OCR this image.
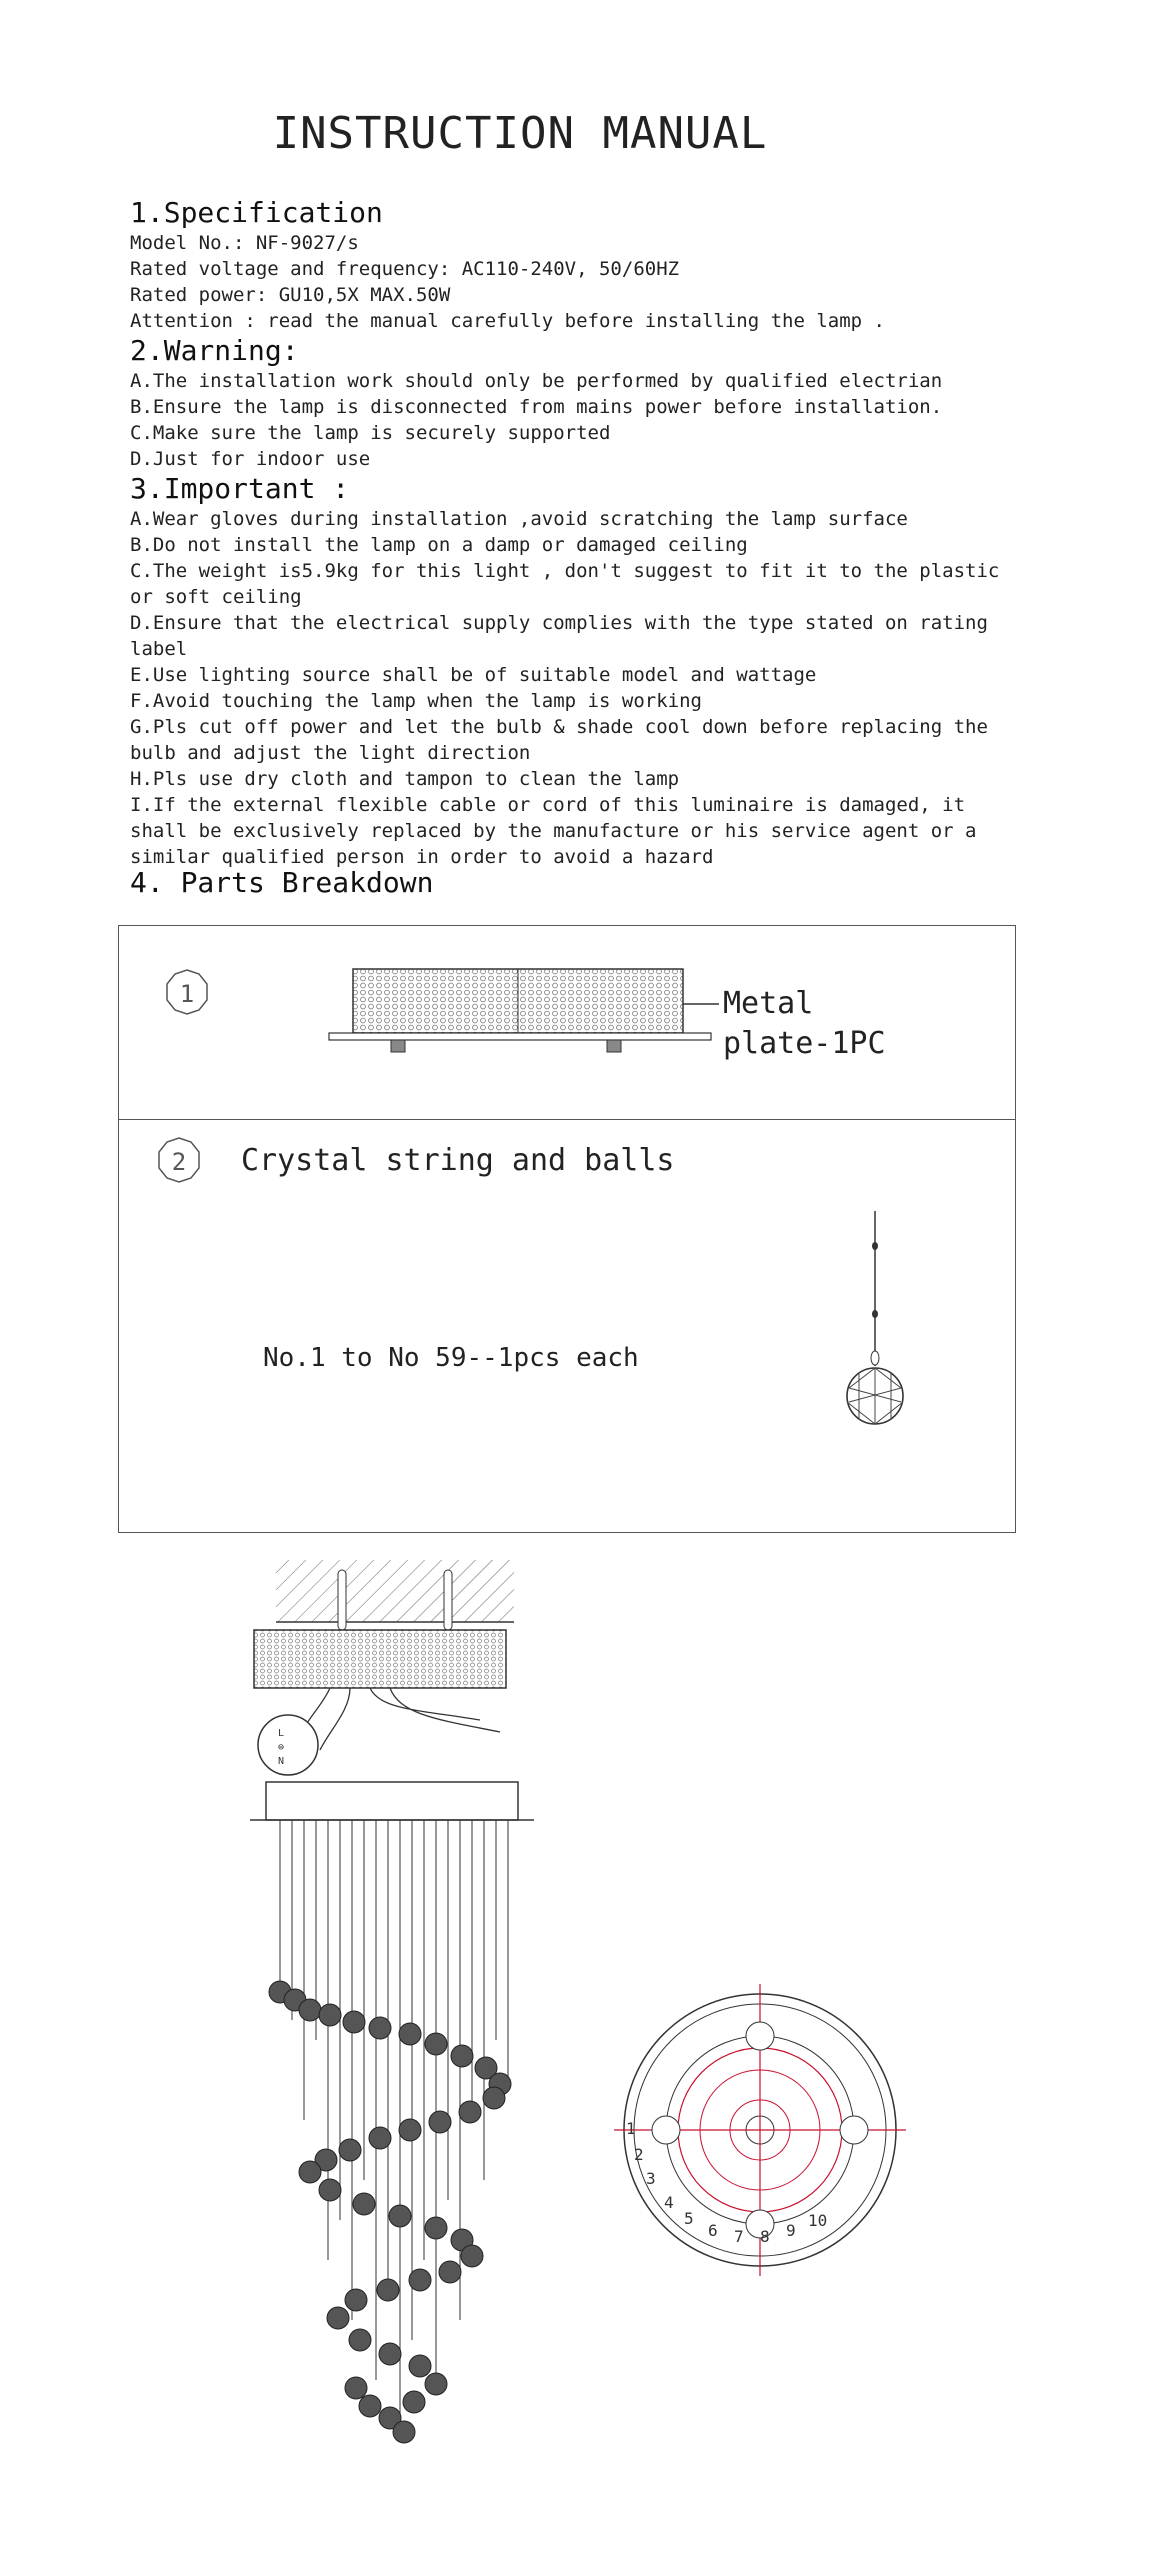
INSTRUCTION MANUAL
1.Specification
Model No.: NF-9027/s
Rated voltage and frequency: AC110-240V, 50/60HZ
Rated power: GU10,5X MAX.50W
Attention : read the manual carefully before installing the lamp .
2.Warning:
A.The installation work should only be performed by qualified electrian
B.Ensure the lamp is disconnected from mains power before installation.
C.Make sure the lamp is securely supported
D.Just for indoor use
3.Important :
A.Wear gloves during installation ,avoid scratching the lamp surface
B.Do not install the lamp on a damp or damaged ceiling
C.The weight is5.9kg for this light , don't suggest to fit it to the plastic
or soft ceiling
D.Ensure that the electrical supply complies with the type stated on rating
label
E.Use lighting source shall be of suitable model and wattage
F.Avoid touching the lamp when the lamp is working
G.Pls cut off power and let the bulb & shade cool down before replacing the
bulb and adjust the light direction
H.Pls use dry cloth and tampon to clean the lamp
I.If the external flexible cable or cord of this luminaire is damaged, it
shall be exclusively replaced by the manufacture or his service agent or a
similar qualified person in order to avoid a hazard
4. Parts Breakdown
1	Metal
plate-1PC
2 Crystal string and balls
No.1 to No 59--1pcs each
L
⊜
N
1
2
3
4
5
6 7 8 9
10
